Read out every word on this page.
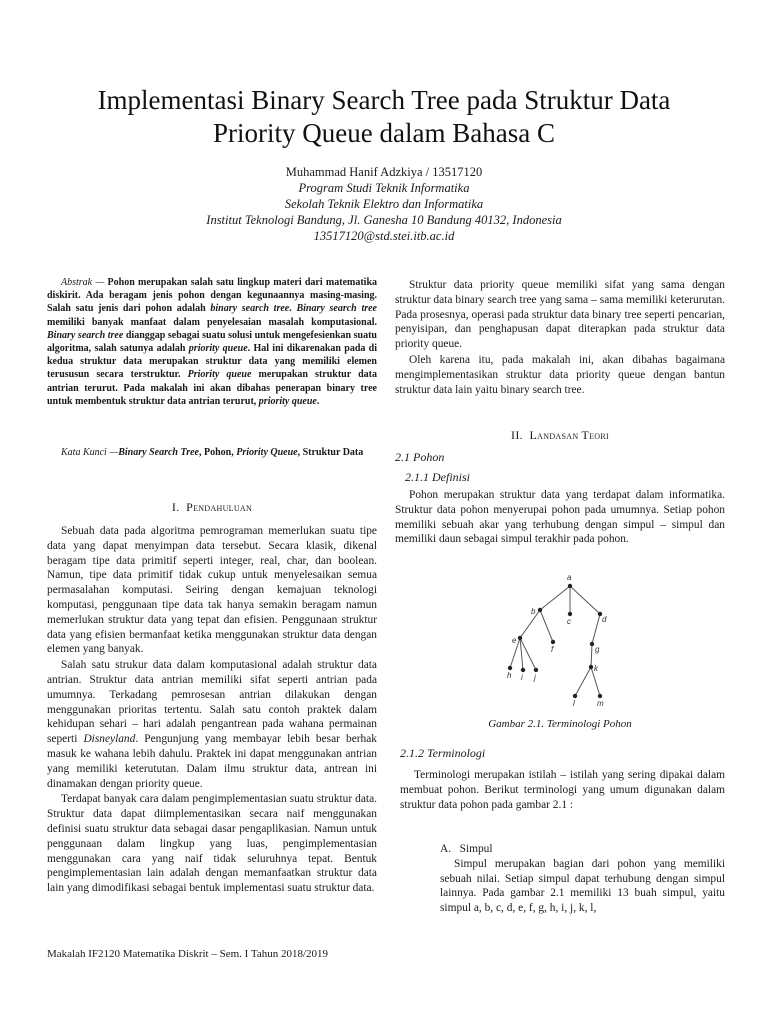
Implementasi Binary Search Tree pada Struktur Data
Priority Queue dalam Bahasa C
Muhammad Hanif Adzkiya / 13517120
Program Studi Teknik Informatika
Sekolah Teknik Elektro dan Informatika
Institut Teknologi Bandung, Jl. Ganesha 10 Bandung 40132, Indonesia
13517120@std.stei.itb.ac.id
Abstrak — Pohon merupakan salah satu lingkup materi dari matematika diskirit. Ada beragam jenis pohon dengan kegunaannya masing-masing. Salah satu jenis dari pohon adalah binary search tree. Binary search tree memiliki banyak manfaat dalam penyelesaian masalah komputasional. Binary search tree dianggap sebagai suatu solusi untuk mengefesienkan suatu algoritma, salah satunya adalah priority queue. Hal ini dikarenakan pada di kedua struktur data merupakan struktur data yang memiliki elemen terususun secara terstruktur. Priority queue merupakan struktur data antrian terurut. Pada makalah ini akan dibahas penerapan binary tree untuk membentuk struktur data antrian terurut, priority queue.
Kata Kunci —Binary Search Tree, Pohon, Priority Queue, Struktur Data
I. Pendahuluan

Sebuah data pada algoritma pemrograman memerlukan suatu tipe data yang dapat menyimpan data tersebut. Secara klasik, dikenal beragam tipe data primitif seperti integer, real, char, dan boolean. Namun, tipe data primitif tidak cukup untuk menyelesaikan semua permasalahan komputasi. Seiring dengan kemajuan teknologi komputasi, penggunaan tipe data tak hanya semakin beragam namun memerlukan struktur data yang tepat dan efisien. Penggunaan struktur data yang efisien bermanfaat ketika menggunakan struktur data dengan elemen yang banyak.

Salah satu strukur data dalam komputasional adalah struktur data antrian. Struktur data antrian memiliki sifat seperti antrian pada umumnya. Terkadang pemrosesan antrian dilakukan dengan menggunakan prioritas tertentu. Salah satu contoh praktek dalam kehidupan sehari – hari adalah pengantrean pada wahana permainan seperti Disneyland. Pengunjung yang membayar lebih besar berhak masuk ke wahana lebih dahulu. Praktek ini dapat menggunakan antrian yang memiliki keterututan. Dalam ilmu struktur data, antrean ini dinamakan dengan priority queue.

Terdapat banyak cara dalam pengimplementasian suatu struktur data. Struktur data dapat diimplementasikan secara naif menggunakan definisi suatu struktur data sebagai dasar pengaplikasian. Namun untuk penggunaan dalam lingkup yang luas, pengimplementasian menggunakan cara yang naif tidak seluruhnya tepat. Bentuk pengimplementasian lain adalah dengan memanfaatkan struktur data lain yang dimodifikasi sebagai bentuk implementasi suatu struktur data.

Struktur data priority queue memiliki sifat yang sama dengan struktur data binary search tree yang sama – sama memiliki keterurutan. Pada prosesnya, operasi pada struktur data binary tree seperti pencarian, penyisipan, dan penghapusan dapat diterapkan pada struktur data priority queue.

Oleh karena itu, pada makalah ini, akan dibahas bagaimana mengimplementasikan struktur data priority queue dengan bantun struktur data lain yaitu binary search tree.

II. Landasan Teori
2.1 Pohon
2.1.1 Definisi

Pohon merupakan struktur data yang terdapat dalam informatika. Struktur data pohon menyerupai pohon pada umumnya. Setiap pohon memiliki sebuah akar yang terhubung dengan simpul – simpul dan memiliki daun sebagai simpul terakhir pada pohon.

a
b
c	d
e
f	g
h i j
k
l	m
Gambar 2.1. Terminologi Pohon
2.1.2 Terminologi

Terminologi merupakan istilah – istilah yang sering dipakai dalam membuat pohon. Berikut terminologi yang umum digunakan dalam struktur data pohon pada gambar 2.1 :

A. Simpul

Simpul merupakan bagian dari pohon yang memiliki sebuah nilai. Setiap simpul dapat terhubung dengan simpul lainnya. Pada gambar 2.1 memiliki 13 buah simpul, yaitu simpul a, b, c, d, e, f, g, h, i, j, k, l,

Makalah IF2120 Matematika Diskrit – Sem. I Tahun 2018/2019
